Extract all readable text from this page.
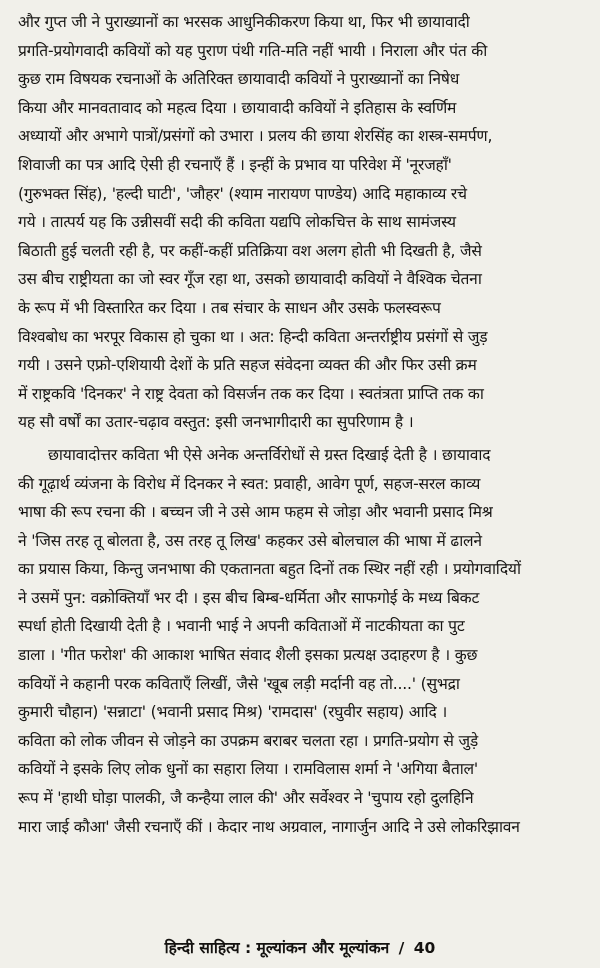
और गुप्त जी ने पुराख्यानों का भरसक आधुनिकीकरण किया था, फिर भी छायावादी
प्रगति-प्रयोगवादी कवियों को यह पुराण पंथी गति-मति नहीं भायी । निराला और पंत की
कुछ राम विषयक रचनाओं के अतिरिक्त छायावादी कवियों ने पुराख्यानों का निषेध
किया और मानवतावाद को महत्व दिया । छायावादी कवियों ने इतिहास के स्वर्णिम
अध्यायों और अभागे पात्रों/प्रसंगों को उभारा । प्रलय की छाया शेरसिंह का शस्त्र-समर्पण,
शिवाजी का पत्र आदि ऐसी ही रचनाएँ हैं । इन्हीं के प्रभाव या परिवेश में 'नूरजहाँ'
(गुरुभक्त सिंह), 'हल्दी घाटी', 'जौहर' (श्याम नारायण पाण्डेय) आदि महाकाव्य रचे
गये । तात्पर्य यह कि उन्नीसवीं सदी की कविता यद्यपि लोकचित्त के साथ सामंजस्य
बिठाती हुई चलती रही है, पर कहीं-कहीं प्रतिक्रिया वश अलग होती भी दिखती है, जैसे
उस बीच राष्ट्रीयता का जो स्वर गूँज रहा था, उसको छायावादी कवियों ने वैश्विक चेतना
के रूप में भी विस्तारित कर दिया । तब संचार के साधन और उसके फलस्वरूप
विश्वबोध का भरपूर विकास हो चुका था । अत: हिन्दी कविता अन्तर्राष्ट्रीय प्रसंगों से जुड़
गयी । उसने एफ्रो-एशियायी देशों के प्रति सहज संवेदना व्यक्त की और फिर उसी क्रम
में राष्ट्रकवि 'दिनकर' ने राष्ट्र देवता को विसर्जन तक कर दिया । स्वतंत्रता प्राप्ति तक का
यह सौ वर्षों का उतार-चढ़ाव वस्तुत: इसी जनभागीदारी का सुपरिणाम है ।
छायावादोत्तर कविता भी ऐसे अनेक अन्तर्विरोधों से ग्रस्त दिखाई देती है । छायावाद
की गूढ़ार्थ व्यंजना के विरोध में दिनकर ने स्वत: प्रवाही, आवेग पूर्ण, सहज-सरल काव्य
भाषा की रूप रचना की । बच्चन जी ने उसे आम फहम से जोड़ा और भवानी प्रसाद मिश्र
ने 'जिस तरह तू बोलता है, उस तरह तू लिख' कहकर उसे बोलचाल की भाषा में ढालने
का प्रयास किया, किन्तु जनभाषा की एकतानता बहुत दिनों तक स्थिर नहीं रही । प्रयोगवादियों
ने उसमें पुन: वक्रोक्तियाँ भर दी । इस बीच बिम्ब-धर्मिता और साफगोई के मध्य बिकट
स्पर्धा होती दिखायी देती है । भवानी भाई ने अपनी कविताओं में नाटकीयता का पुट
डाला । 'गीत फरोश' की आकाश भाषित संवाद शैली इसका प्रत्यक्ष उदाहरण है । कुछ
कवियों ने कहानी परक कविताएँ लिखीं, जैसे 'खूब लड़ी मर्दानी वह तो....' (सुभद्रा
कुमारी चौहान) 'सन्नाटा' (भवानी प्रसाद मिश्र) 'रामदास' (रघुवीर सहाय) आदि ।
कविता को लोक जीवन से जोड़ने का उपक्रम बराबर चलता रहा । प्रगति-प्रयोग से जुड़े
कवियों ने इसके लिए लोक धुनों का सहारा लिया । रामविलास शर्मा ने 'अगिया बैताल'
रूप में 'हाथी घोड़ा पालकी, जै कन्हैया लाल की' और सर्वेश्वर ने 'चुपाय रहो दुलहिनि
मारा जाई कौआ' जैसी रचनाएँ कीं । केदार नाथ अग्रवाल, नागार्जुन आदि ने उसे लोकरिझावन
हिन्दी साहित्य : मूल्यांकन और मूल्यांकन / 40
